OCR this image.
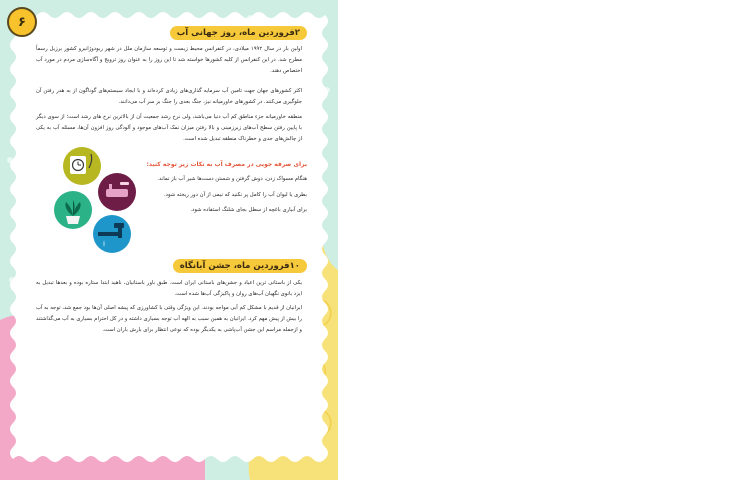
۶
۲فروردین ماه، روز جهانی آب

اولین بار در سال ۱۹۹۲ میلادی، در کنفرانس محیط زیست و توسعه سازمان ملل در شهر ریودوژانیرو کشور برزیل رسماً مطرح شد. در این کنفرانس از کلیه کشورها خواسته شد تا این روز را به عنوان روز ترویج و آگاه‌سازی مردم در مورد آب اختصاص دهند.

اکثر کشورهای جهان جهت تامین آب سرمایه گذاری‌های زیادی کرده‌اند و با ایجاد سیستم‌های گوناگون از به هدر رفتن آن جلوگیری می‌کنند. در کشورهای خاورمیانه نیز، جنگ بعدی را جنگ بر سر آب می‌دانند.

منطقه خاورمیانه جزء مناطق کم آب دنیا می‌باشد، ولی نرخ رشد جمعیت آن از بالاترین نرخ های رشد است؛ از سوی دیگر با پایین رفتن سطح آب‌های زیرزمینی و بالا رفتن میزان نمک آب‌های موجود و آلودگی روز افزون آن‌ها، مسئله آب به یکی از چالش‌های جدی و خطرناک منطقه تبدیل شده است.

برای صرفه جویی در مصرف آب به نکات زیر توجه کنید:

هنگام مسواک زدن، دوش گرفتن و شستن دست‌ها شیر آب باز نماند.

بطری یا لیوان آب را کامل پر نکنید که نیمی از آن دور ریخته شود.

برای آبیاری باغچه از سطل بجای شلنگ استفاده شود.

۱۰فروردین ماه، جشن آبانگاه

یکی از باستانی ترین اعیاد و جشن‌های باستانی ایران است. طبق باور باستانیان، ناهید ابتدا ستاره بوده و بعدها تبدیل به ایزد بانوی نگهبان آب‌های روان و پاکیزگی آب‌ها شده است.

ایرانیان از قدیم با مشکل کم آبی مواجه بودند. این ویژگی وقتی با کشاورزی که پیشه اصلی آن‌ها بود جمع شد، توجه به آب را بیش از پیش مهم کرد. ایرانیان به همین سبب به الهه آب توجه بسیاری داشته و در کل احترام بسیاری به آب می‌گذاشتند و ازجمله مراسم این جشن آب‌پاشی به یکدیگر بوده که نوعی انتظار برای بارش باران است.
